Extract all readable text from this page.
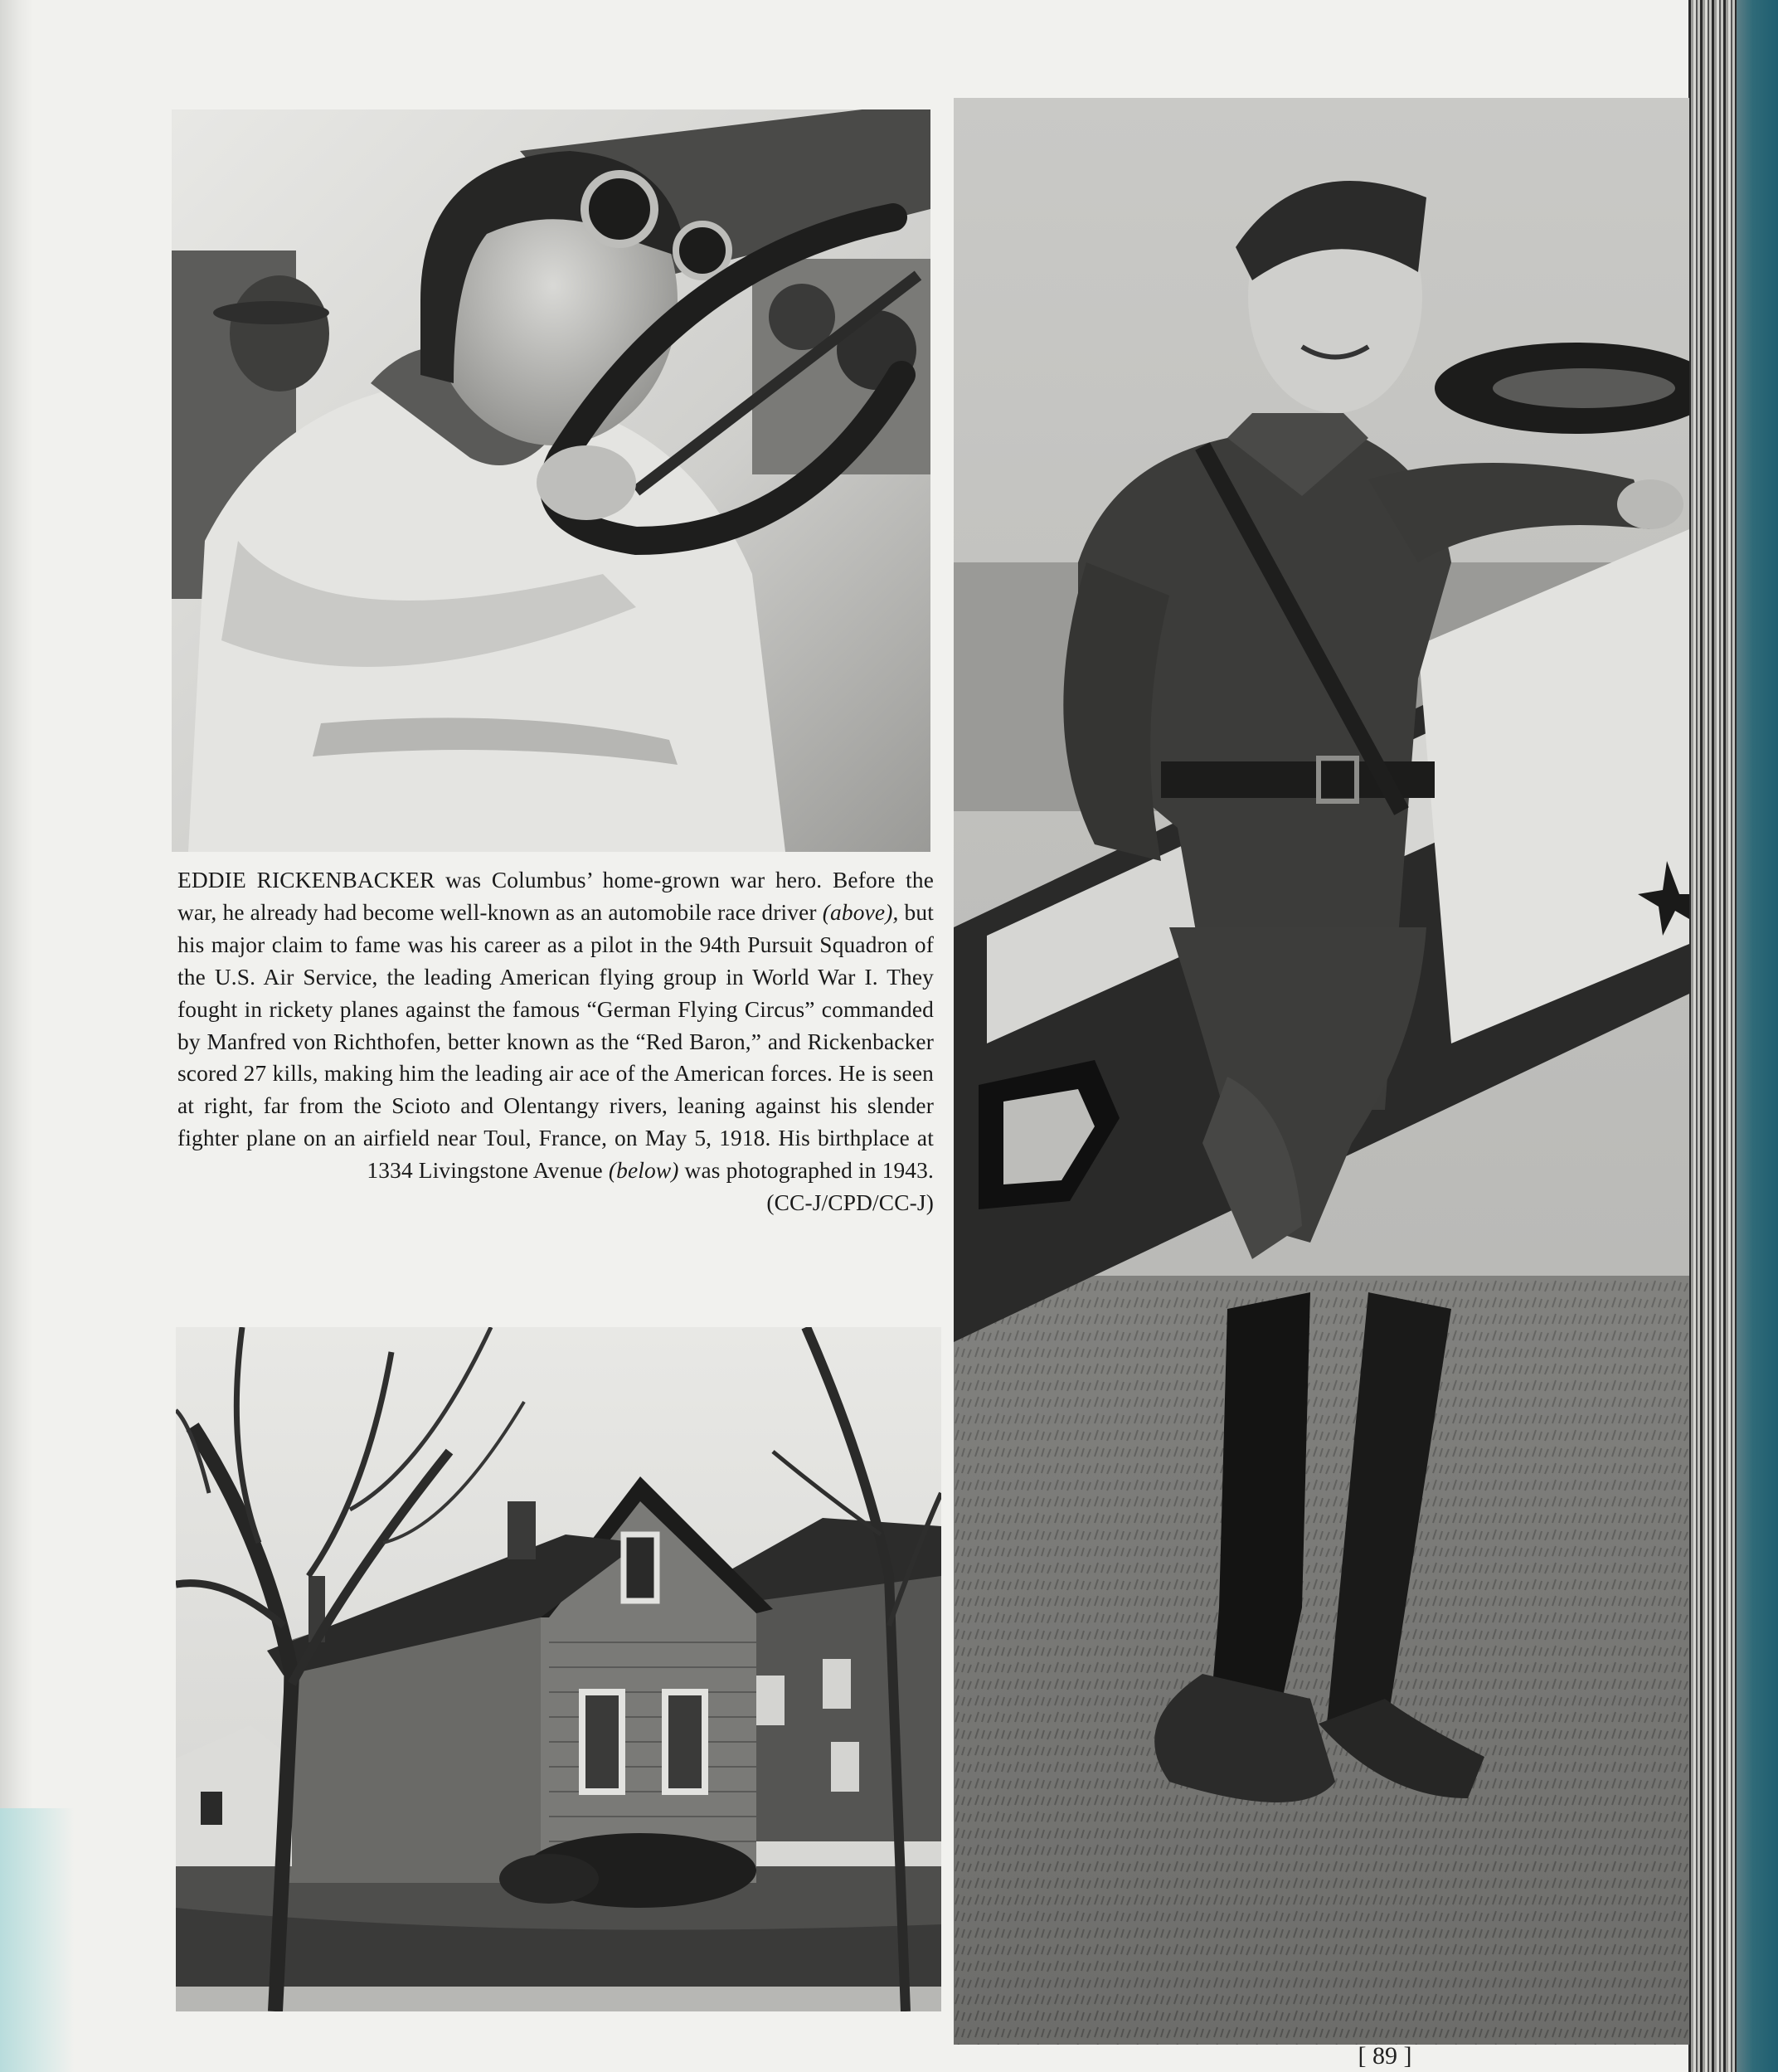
EDDIE RICKENBACKER was Columbus’ home-grown war hero. Before the war, he already had become well-known as an automobile race driver (above), but his major claim to fame was his career as a pilot in the 94th Pursuit Squadron of the U.S. Air Service, the leading American flying group in World War I. They fought in rickety planes against the famous “German Flying Circus” commanded by Manfred von Richthofen, better known as the “Red Baron,” and Rickenbacker scored 27 kills, making him the leading air ace of the American forces. He is seen at right, far from the Scioto and Olentangy rivers, leaning against his slender fighter plane on an airfield near Toul, France, on May 5, 1918. His birthplace at 1334 Livingstone Avenue (below) was photographed in 1943.
(CC-J/CPD/CC-J)
[ 89 ]
